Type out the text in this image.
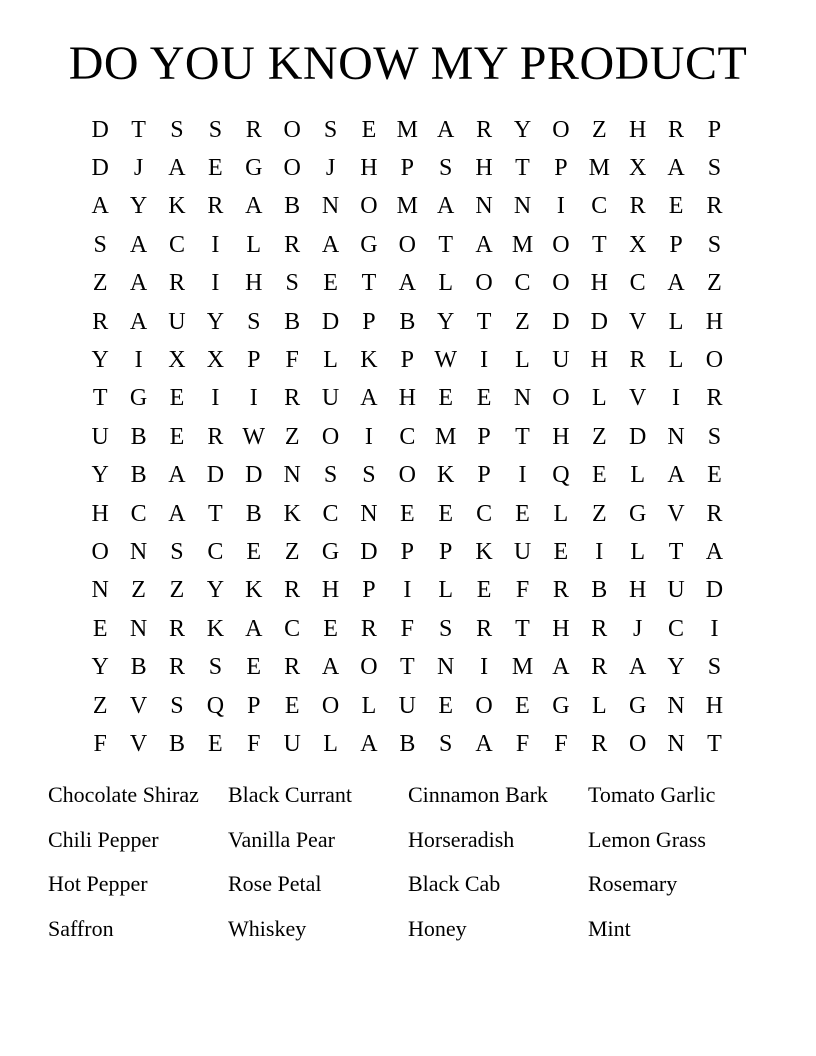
DO YOU KNOW MY PRODUCT
D T	S	S R O S	E M A R Y O Z H R P
D	J	A E G O	J	H P	S H T	P M X A S
A Y K R A B N O M A N N	I	C R E R
S A C	I	L R A G O T A M O T X P	S
Z A R	I	H S	E T A L O C O H C A Z
R A U Y S B D P B Y T Z D D V L H
Y	I	X X P	F	L K P W I	L U H R L O
T G E	I	I	R U A H E E N O L V	I	R
U B E R W Z O	I	C M P	T H Z D N S
Y B A D D N S	S O K P	I	Q E L A E
H C A T B K C N E E C E L Z G V R
O N S C E Z G D P	P K U E	I	L T A
N Z Z Y K R H P	I	L E	F R B H U D
E N R K A C E R F	S R T H R	J	C	I
Y B R S	E R A O T N	I M A R A Y S
Z V S Q P	E O L U E O E G L G N H
F V B E	F U L A B S A F	F R O N T
Chocolate Shiraz	Black Currant	Cinnamon Bark	Tomato Garlic
Chili Pepper	Vanilla Pear	Horseradish	Lemon Grass
Hot Pepper	Rose Petal	Black Cab	Rosemary
Saffron	Whiskey	Honey	Mint
